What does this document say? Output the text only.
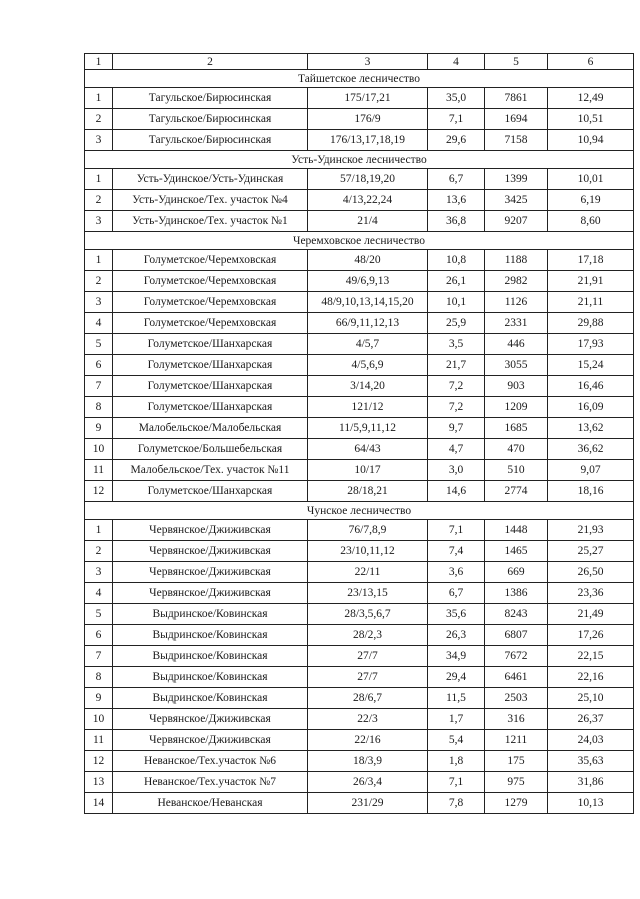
1	2	3	4	5	6
Тайшетское лесничество					
1	Тагульское/Бирюсинская	175/17,21	35,0	7861	12,49
2	Тагульское/Бирюсинская	176/9	7,1	1694	10,51
3	Тагульское/Бирюсинская	176/13,17,18,19	29,6	7158	10,94
Усть-Удинское лесничество					
1	Усть-Удинское/Усть-Удинская	57/18,19,20	6,7	1399	10,01
2	Усть-Удинское/Тех. участок №4	4/13,22,24	13,6	3425	6,19
3	Усть-Удинское/Тех. участок №1	21/4	36,8	9207	8,60
Черемховское лесничество					
1	Голуметское/Черемховская	48/20	10,8	1188	17,18
2	Голуметское/Черемховская	49/6,9,13	26,1	2982	21,91
3	Голуметское/Черемховская	48/9,10,13,14,15,20	10,1	1126	21,11
4	Голуметское/Черемховская	66/9,11,12,13	25,9	2331	29,88
5	Голуметское/Шанхарская	4/5,7	3,5	446	17,93
6	Голуметское/Шанхарская	4/5,6,9	21,7	3055	15,24
7	Голуметское/Шанхарская	3/14,20	7,2	903	16,46
8	Голуметское/Шанхарская	121/12	7,2	1209	16,09
9	Малобельское/Малобельская	11/5,9,11,12	9,7	1685	13,62
10	Голуметское/Большебельская	64/43	4,7	470	36,62
11	Малобельское/Тех. участок №11	10/17	3,0	510	9,07
12	Голуметское/Шанхарская	28/18,21	14,6	2774	18,16
Чунское лесничество					
1	Червянское/Джиживская	76/7,8,9	7,1	1448	21,93
2	Червянское/Джиживская	23/10,11,12	7,4	1465	25,27
3	Червянское/Джиживская	22/11	3,6	669	26,50
4	Червянское/Джиживская	23/13,15	6,7	1386	23,36
5	Выдринское/Ковинская	28/3,5,6,7	35,6	8243	21,49
6	Выдринское/Ковинская	28/2,3	26,3	6807	17,26
7	Выдринское/Ковинская	27/7	34,9	7672	22,15
8	Выдринское/Ковинская	27/7	29,4	6461	22,16
9	Выдринское/Ковинская	28/6,7	11,5	2503	25,10
10	Червянское/Джиживская	22/3	1,7	316	26,37
11	Червянское/Джиживская	22/16	5,4	1211	24,03
12	Неванское/Тех.участок №6	18/3,9	1,8	175	35,63
13	Неванское/Тех.участок №7	26/3,4	7,1	975	31,86
14	Неванское/Неванская	231/29	7,8	1279	10,13
